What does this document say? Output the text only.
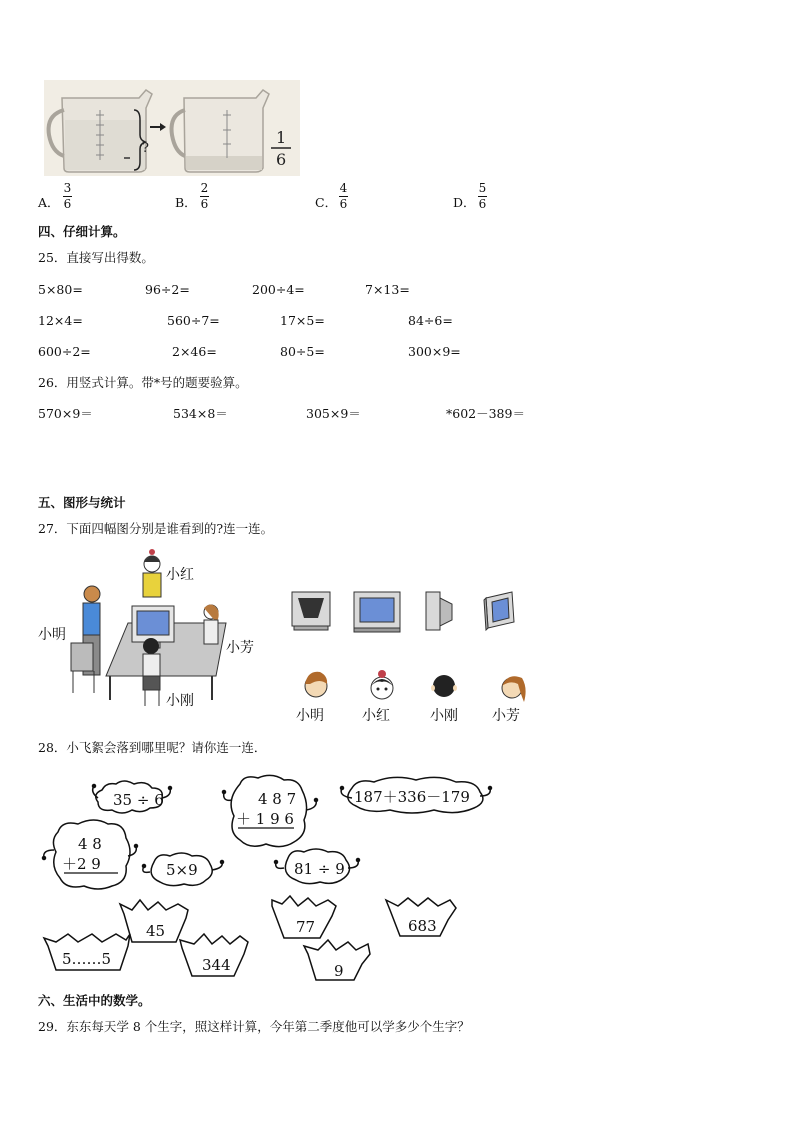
?
1
6
A．
3
6	B．
2
6	C．
4
6	D．
5
6
四、仔细计算。
25．直接写出得数。
5×80=	96÷2=	200÷4=	7×13=
12×4=	560÷7=	17×5=	84÷6=
600÷2=	2×46=	80÷5=	300×9=
26．用竖式计算。带*号的题要验算。
570×9＝	534×8＝	305×9＝	*602－389＝
五、图形与统计
27．下面四幅图分别是谁看到的?连一连。
小红
小明
小芳
小刚
小明	小红	小刚 小芳
28．小飞絮会落到哪里呢？请你连一连．
35 ÷ 6	4 8 7
＋ 1 9 6
187＋336－179
4 8
＋2 9	5×9	81 ÷ 9
45	77	683
5……5	344	9
六、生活中的数学。
29．东东每天学 8 个生字，照这样计算，今年第二季度他可以学多少个生字？
